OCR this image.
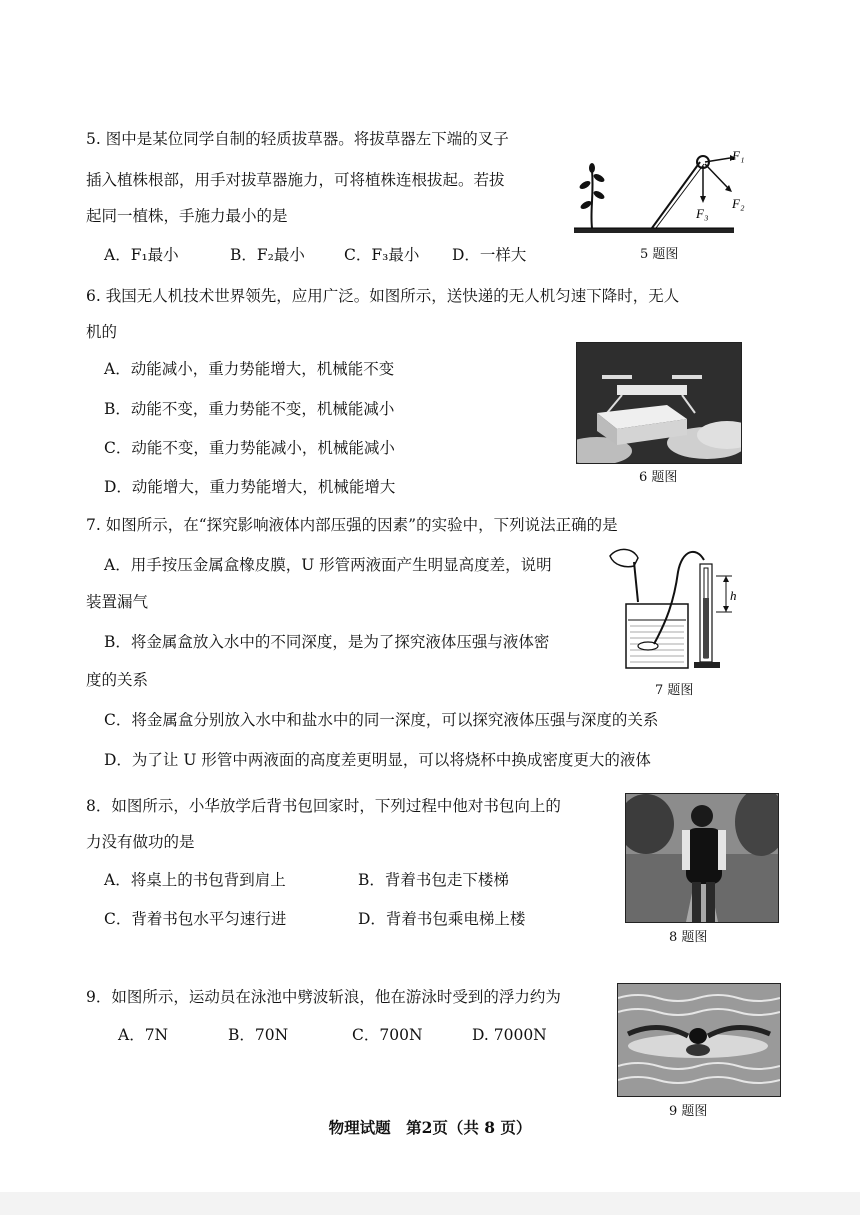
5. 图中是某位同学自制的轻质拔草器。将拔草器左下端的叉子
插入植株根部，用手对拔草器施力，可将植株连根拔起。若拔
起同一植株，手施力最小的是
A．F₁最小	B．F₂最小	C．F₃最小 D．一样大
F₁
F₂
F₃
5 题图
6. 我国无人机技术世界领先，应用广泛。如图所示，送快递的无人机匀速下降时，无人
机的
A．动能减小，重力势能增大，机械能不变
B．动能不变，重力势能不变，机械能减小
C．动能不变，重力势能减小，机械能减小
D．动能增大，重力势能增大，机械能增大
6 题图
7. 如图所示，在“探究影响液体内部压强的因素”的实验中，下列说法正确的是
A．用手按压金属盒橡皮膜，U 形管两液面产生明显高度差，说明
装置漏气
B．将金属盒放入水中的不同深度，是为了探究液体压强与液体密
度的关系
C．将金属盒分别放入水中和盐水中的同一深度，可以探究液体压强与深度的关系
D．为了让 U 形管中两液面的高度差更明显，可以将烧杯中换成密度更大的液体
h
7 题图
8．如图所示，小华放学后背书包回家时，下列过程中他对书包向上的
力没有做功的是
A．将桌上的书包背到肩上	B．背着书包走下楼梯
C．背着书包水平匀速行进	D．背着书包乘电梯上楼
8 题图
9．如图所示，运动员在泳池中劈波斩浪，他在游泳时受到的浮力约为
A．7N	B．70N	C．700N	D. 7000N
9 题图
物理试题　第2页（共 8 页）
